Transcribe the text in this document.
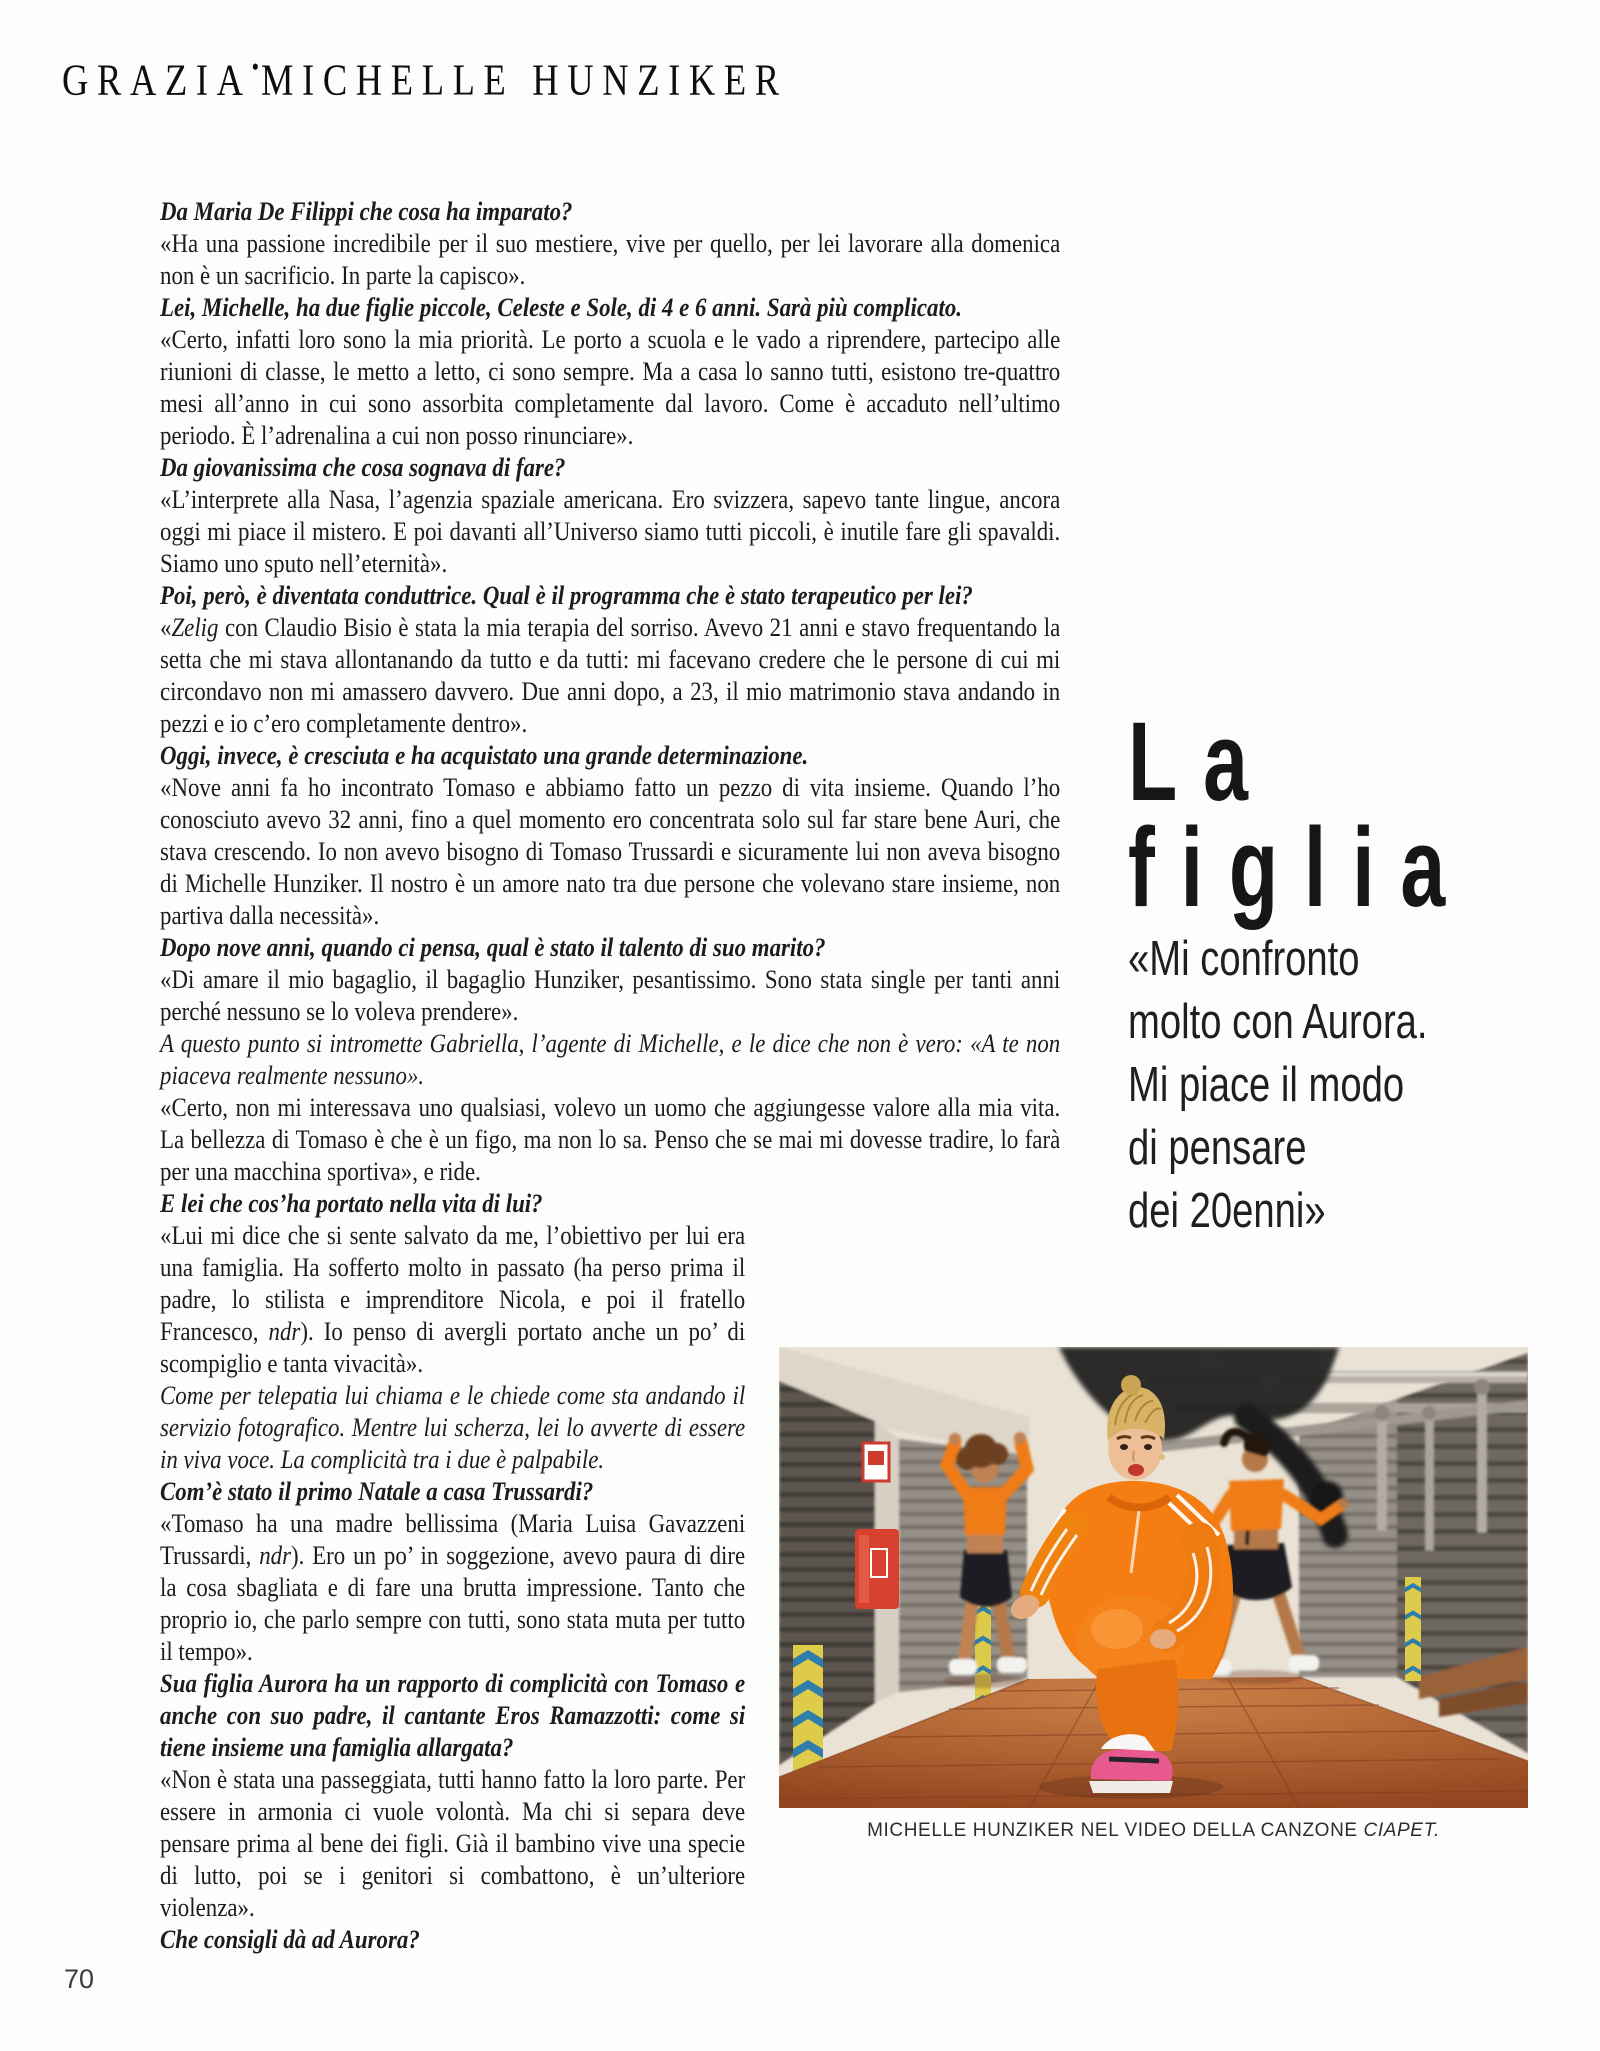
GRAZIA•MICHELLE HUNZIKER

Da Maria De Filippi che cosa ha imparato?

«Ha una passione incredibile per il suo mestiere, vive per quello, per lei lavorare alla domenica non è un sacrificio. In parte la capisco».

Lei, Michelle, ha due figlie piccole, Celeste e Sole, di 4 e 6 anni. Sarà più complicato.

«Certo, infatti loro sono la mia priorità. Le porto a scuola e le vado a riprendere, partecipo alle riunioni di classe, le metto a letto, ci sono sempre. Ma a casa lo sanno tutti, esistono tre-quattro mesi all’anno in cui sono assorbita completamente dal lavoro. Come è accaduto nell’ultimo periodo. È l’adrenalina a cui non posso rinunciare».

Da giovanissima che cosa sognava di fare?

«L’interprete alla Nasa, l’agenzia spaziale americana. Ero svizzera, sapevo tante lingue, ancora oggi mi piace il mistero. E poi davanti all’Universo siamo tutti piccoli, è inutile fare gli spavaldi. Siamo uno sputo nell’eternità».

Poi, però, è diventata conduttrice. Qual è il programma che è stato terapeutico per lei?

«Zelig con Claudio Bisio è stata la mia terapia del sorriso. Avevo 21 anni e stavo frequentando la setta che mi stava allontanando da tutto e da tutti: mi facevano credere che le persone di cui mi circondavo non mi amassero davvero. Due anni dopo, a 23, il mio matrimonio stava andando in pezzi e io c’ero completamente dentro».

Oggi, invece, è cresciuta e ha acquistato una grande determinazione.

«Nove anni fa ho incontrato Tomaso e abbiamo fatto un pezzo di vita insieme. Quando l’ho conosciuto avevo 32 anni, fino a quel momento ero concentrata solo sul far stare bene Auri, che stava crescendo. Io non avevo bisogno di Tomaso Trussardi e sicuramente lui non aveva bisogno di Michelle Hunziker. Il nostro è un amore nato tra due persone che volevano stare insieme, non partiva dalla necessità».

Dopo nove anni, quando ci pensa, qual è stato il talento di suo marito?

«Di amare il mio bagaglio, il bagaglio Hunziker, pesantissimo. Sono stata single per tanti anni perché nessuno se lo voleva prendere».

A questo punto si intromette Gabriella, l’agente di Michelle, e le dice che non è vero: «A te non piaceva realmente nessuno».

«Certo, non mi interessava uno qualsiasi, volevo un uomo che aggiungesse valore alla mia vita. La bellezza di Tomaso è che è un figo, ma non lo sa. Penso che se mai mi dovesse tradire, lo farà per una macchina sportiva», e ride.

E lei che cos’ha portato nella vita di lui?

«Lui mi dice che si sente salvato da me, l’obiettivo per lui era una famiglia. Ha sofferto molto in passato (ha perso prima il padre, lo stilista e imprenditore Nicola, e poi il fratello Francesco, ndr). Io penso di avergli portato anche un po’ di scompiglio e tanta vivacità».

Come per telepatia lui chiama e le chiede come sta andando il servizio fotografico. Mentre lui scherza, lei lo avverte di essere in viva voce. La complicità tra i due è palpabile.

Com’è stato il primo Natale a casa Trussardi?

«Tomaso ha una madre bellissima (Maria Luisa Gavazzeni Trussardi, ndr). Ero un po’ in soggezione, avevo paura di dire la cosa sbagliata e di fare una brutta impressione. Tanto che proprio io, che parlo sempre con tutti, sono stata muta per tutto il tempo».

Sua figlia Aurora ha un rapporto di complicità con Tomaso e anche con suo padre, il cantante Eros Ramazzotti: come si tiene insieme una famiglia allargata?

«Non è stata una passeggiata, tutti hanno fatto la loro parte. Per essere in armonia ci vuole volontà. Ma chi si separa deve pensare prima al bene dei figli. Già il bambino vive una specie di lutto, poi se i genitori si combattono, è un’ulteriore violenza».

Che consigli dà ad Aurora?

La
figlia
«Mi confronto
molto con Aurora.
Mi piace il modo
di pensare
dei 20enni»
MICHELLE HUNZIKER NEL VIDEO DELLA CANZONE CIAPET.
70
